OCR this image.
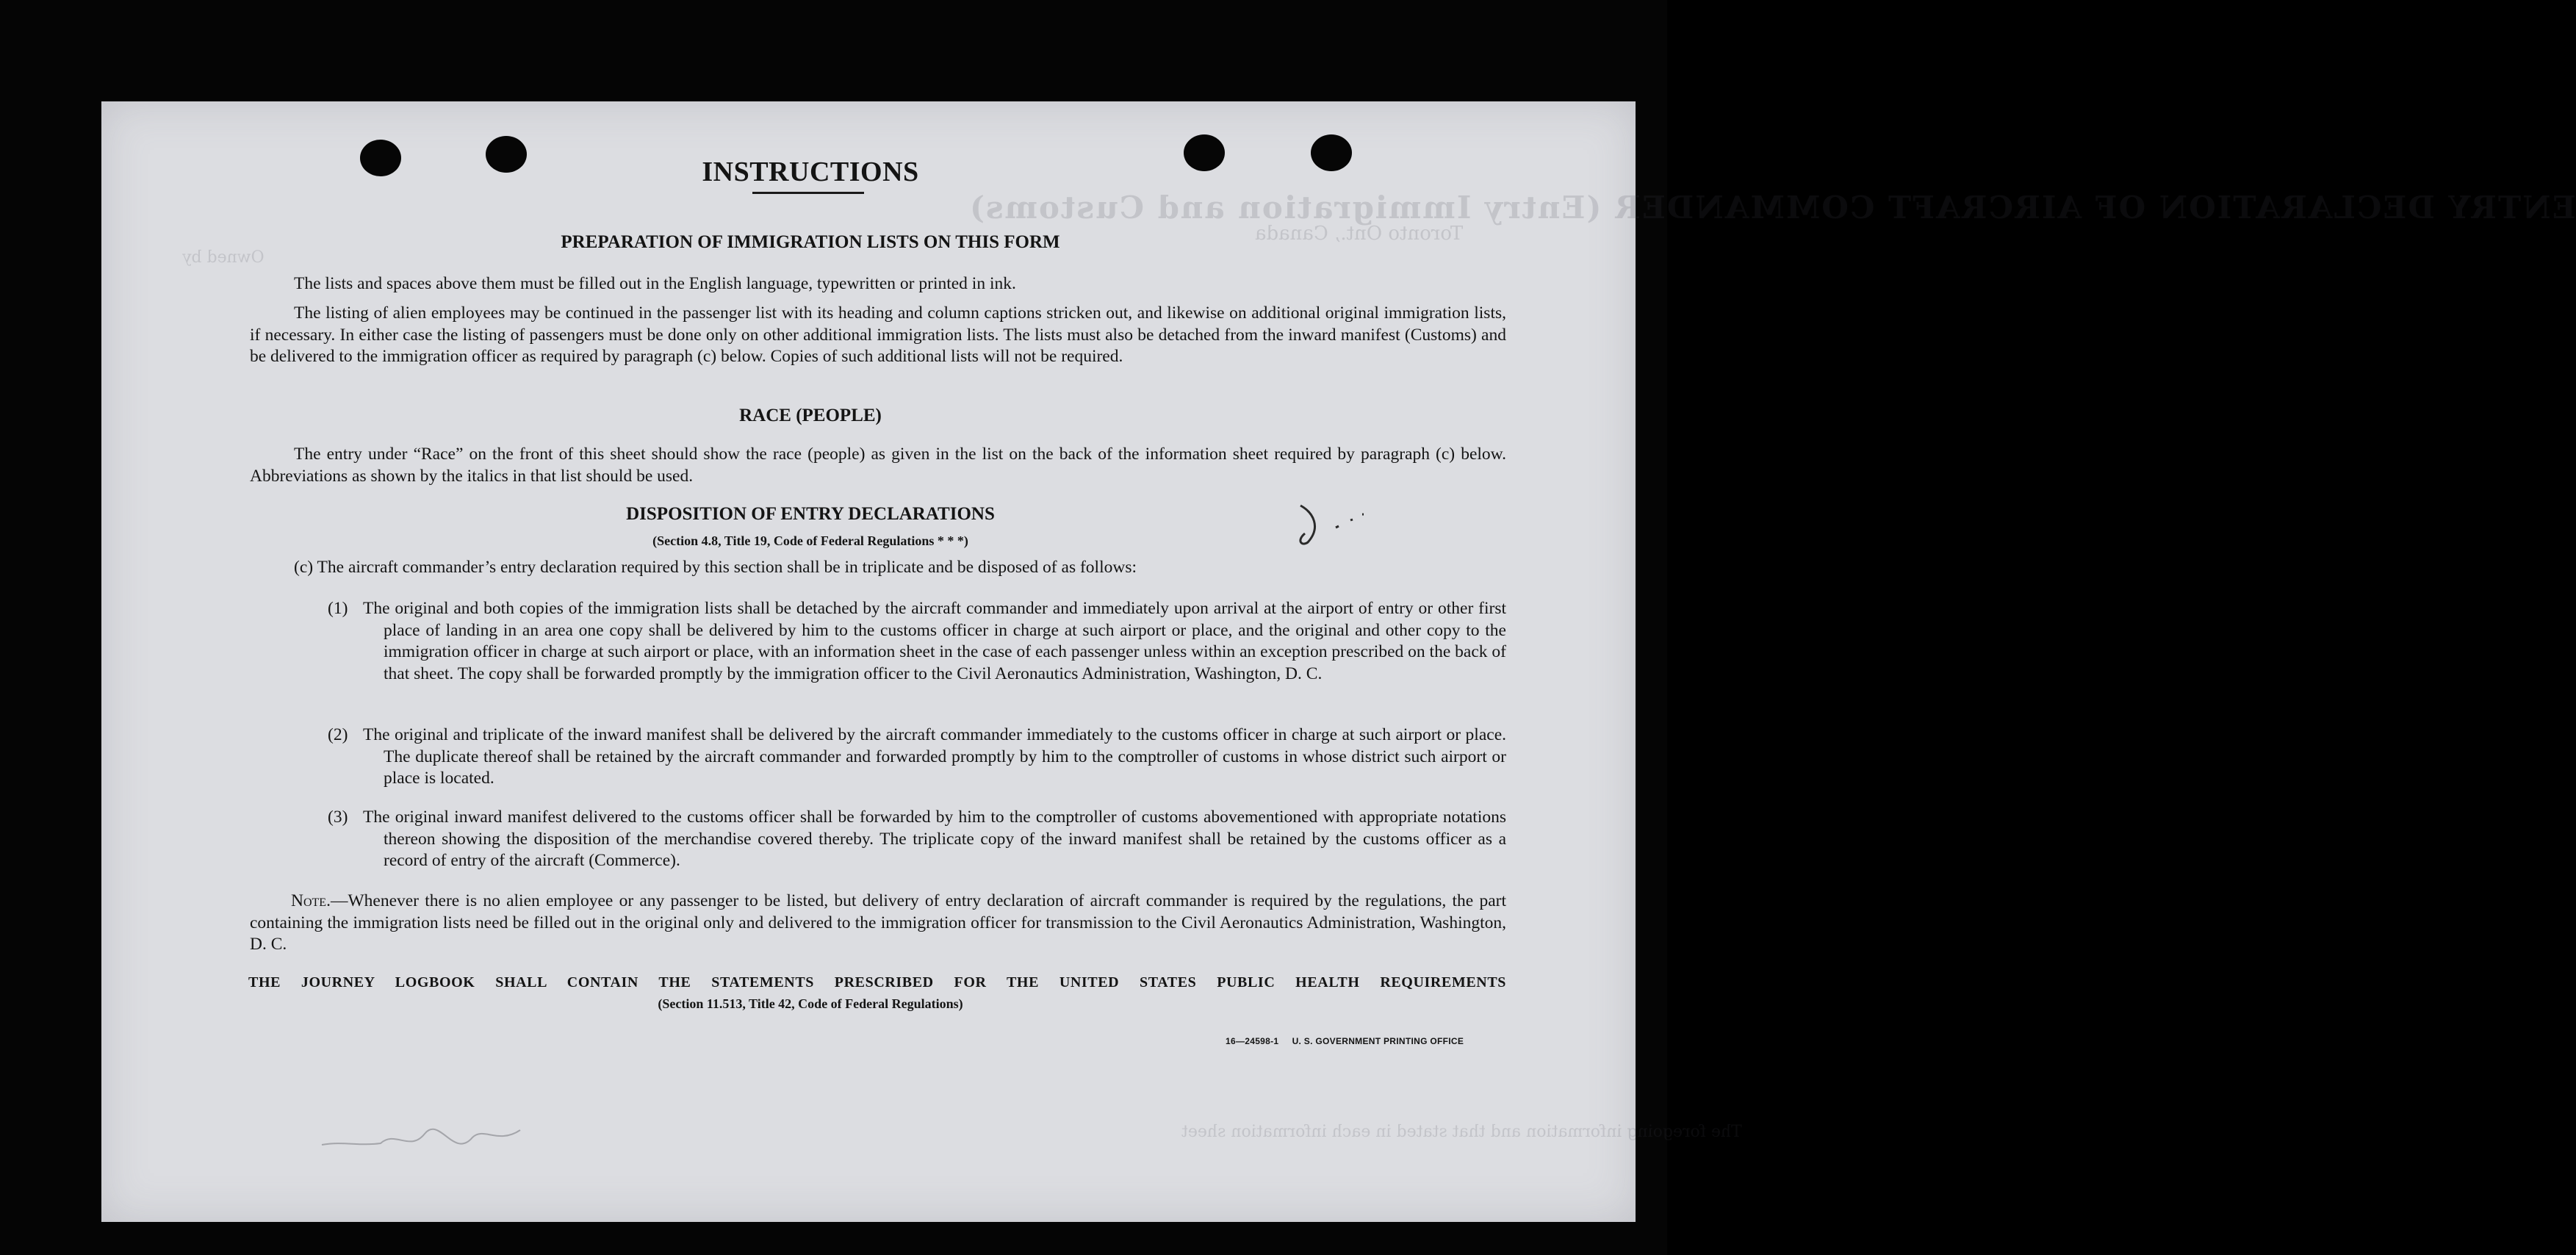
ENTRY DECLARATION OF AIRCRAFT COMMANDER (Entry Immigration and Customs)
Toronto Ont., Canada
The foregoing information and that stated in each information sheet
Owned by
INSTRUCTIONS
PREPARATION OF IMMIGRATION LISTS ON THIS FORM
The lists and spaces above them must be filled out in the English language, typewritten or printed in ink.
The listing of alien employees may be continued in the passenger list with its heading and column captions stricken out, and likewise on additional original immigration lists, if necessary. In either case the listing of passengers must be done only on other additional immigration lists. The lists must also be detached from the inward manifest (Customs) and be delivered to the immigration officer as required by paragraph (c) below. Copies of such additional lists will not be required.
RACE (PEOPLE)
The entry under “Race” on the front of this sheet should show the race (people) as given in the list on the back of the information sheet required by paragraph (c) below. Abbreviations as shown by the italics in that list should be used.
DISPOSITION OF ENTRY DECLARATIONS
(Section 4.8, Title 19, Code of Federal Regulations * * *)
(c) The aircraft commander’s entry declaration required by this section shall be in triplicate and be disposed of as follows:
(1) The original and both copies of the immigration lists shall be detached by the aircraft commander and immediately upon arrival at the airport of entry or other first place of landing in an area one copy shall be delivered by him to the customs officer in charge at such airport or place, and the original and other copy to the immigration officer in charge at such airport or place, with an information sheet in the case of each passenger unless within an exception prescribed on the back of that sheet. The copy shall be forwarded promptly by the immigration officer to the Civil Aeronautics Administration, Washington, D. C.
(2) The original and triplicate of the inward manifest shall be delivered by the aircraft commander immediately to the customs officer in charge at such airport or place. The duplicate thereof shall be retained by the aircraft commander and forwarded promptly by him to the comptroller of customs in whose district such airport or place is located.
(3) The original inward manifest delivered to the customs officer shall be forwarded by him to the comptroller of customs abovementioned with appropriate notations thereon showing the disposition of the merchandise covered thereby. The triplicate copy of the inward manifest shall be retained by the customs officer as a record of entry of the aircraft (Commerce).
Note.—Whenever there is no alien employee or any passenger to be listed, but delivery of entry declaration of aircraft commander is required by the regulations, the part containing the immigration lists need be filled out in the original only and delivered to the immigration officer for transmission to the Civil Aeronautics Administration, Washington, D. C.
THE JOURNEY LOGBOOK SHALL CONTAIN THE STATEMENTS PRESCRIBED FOR THE UNITED STATES PUBLIC HEALTH REQUIREMENTS
(Section 11.513, Title 42, Code of Federal Regulations)
16—24598-1 U. S. GOVERNMENT PRINTING OFFICE
